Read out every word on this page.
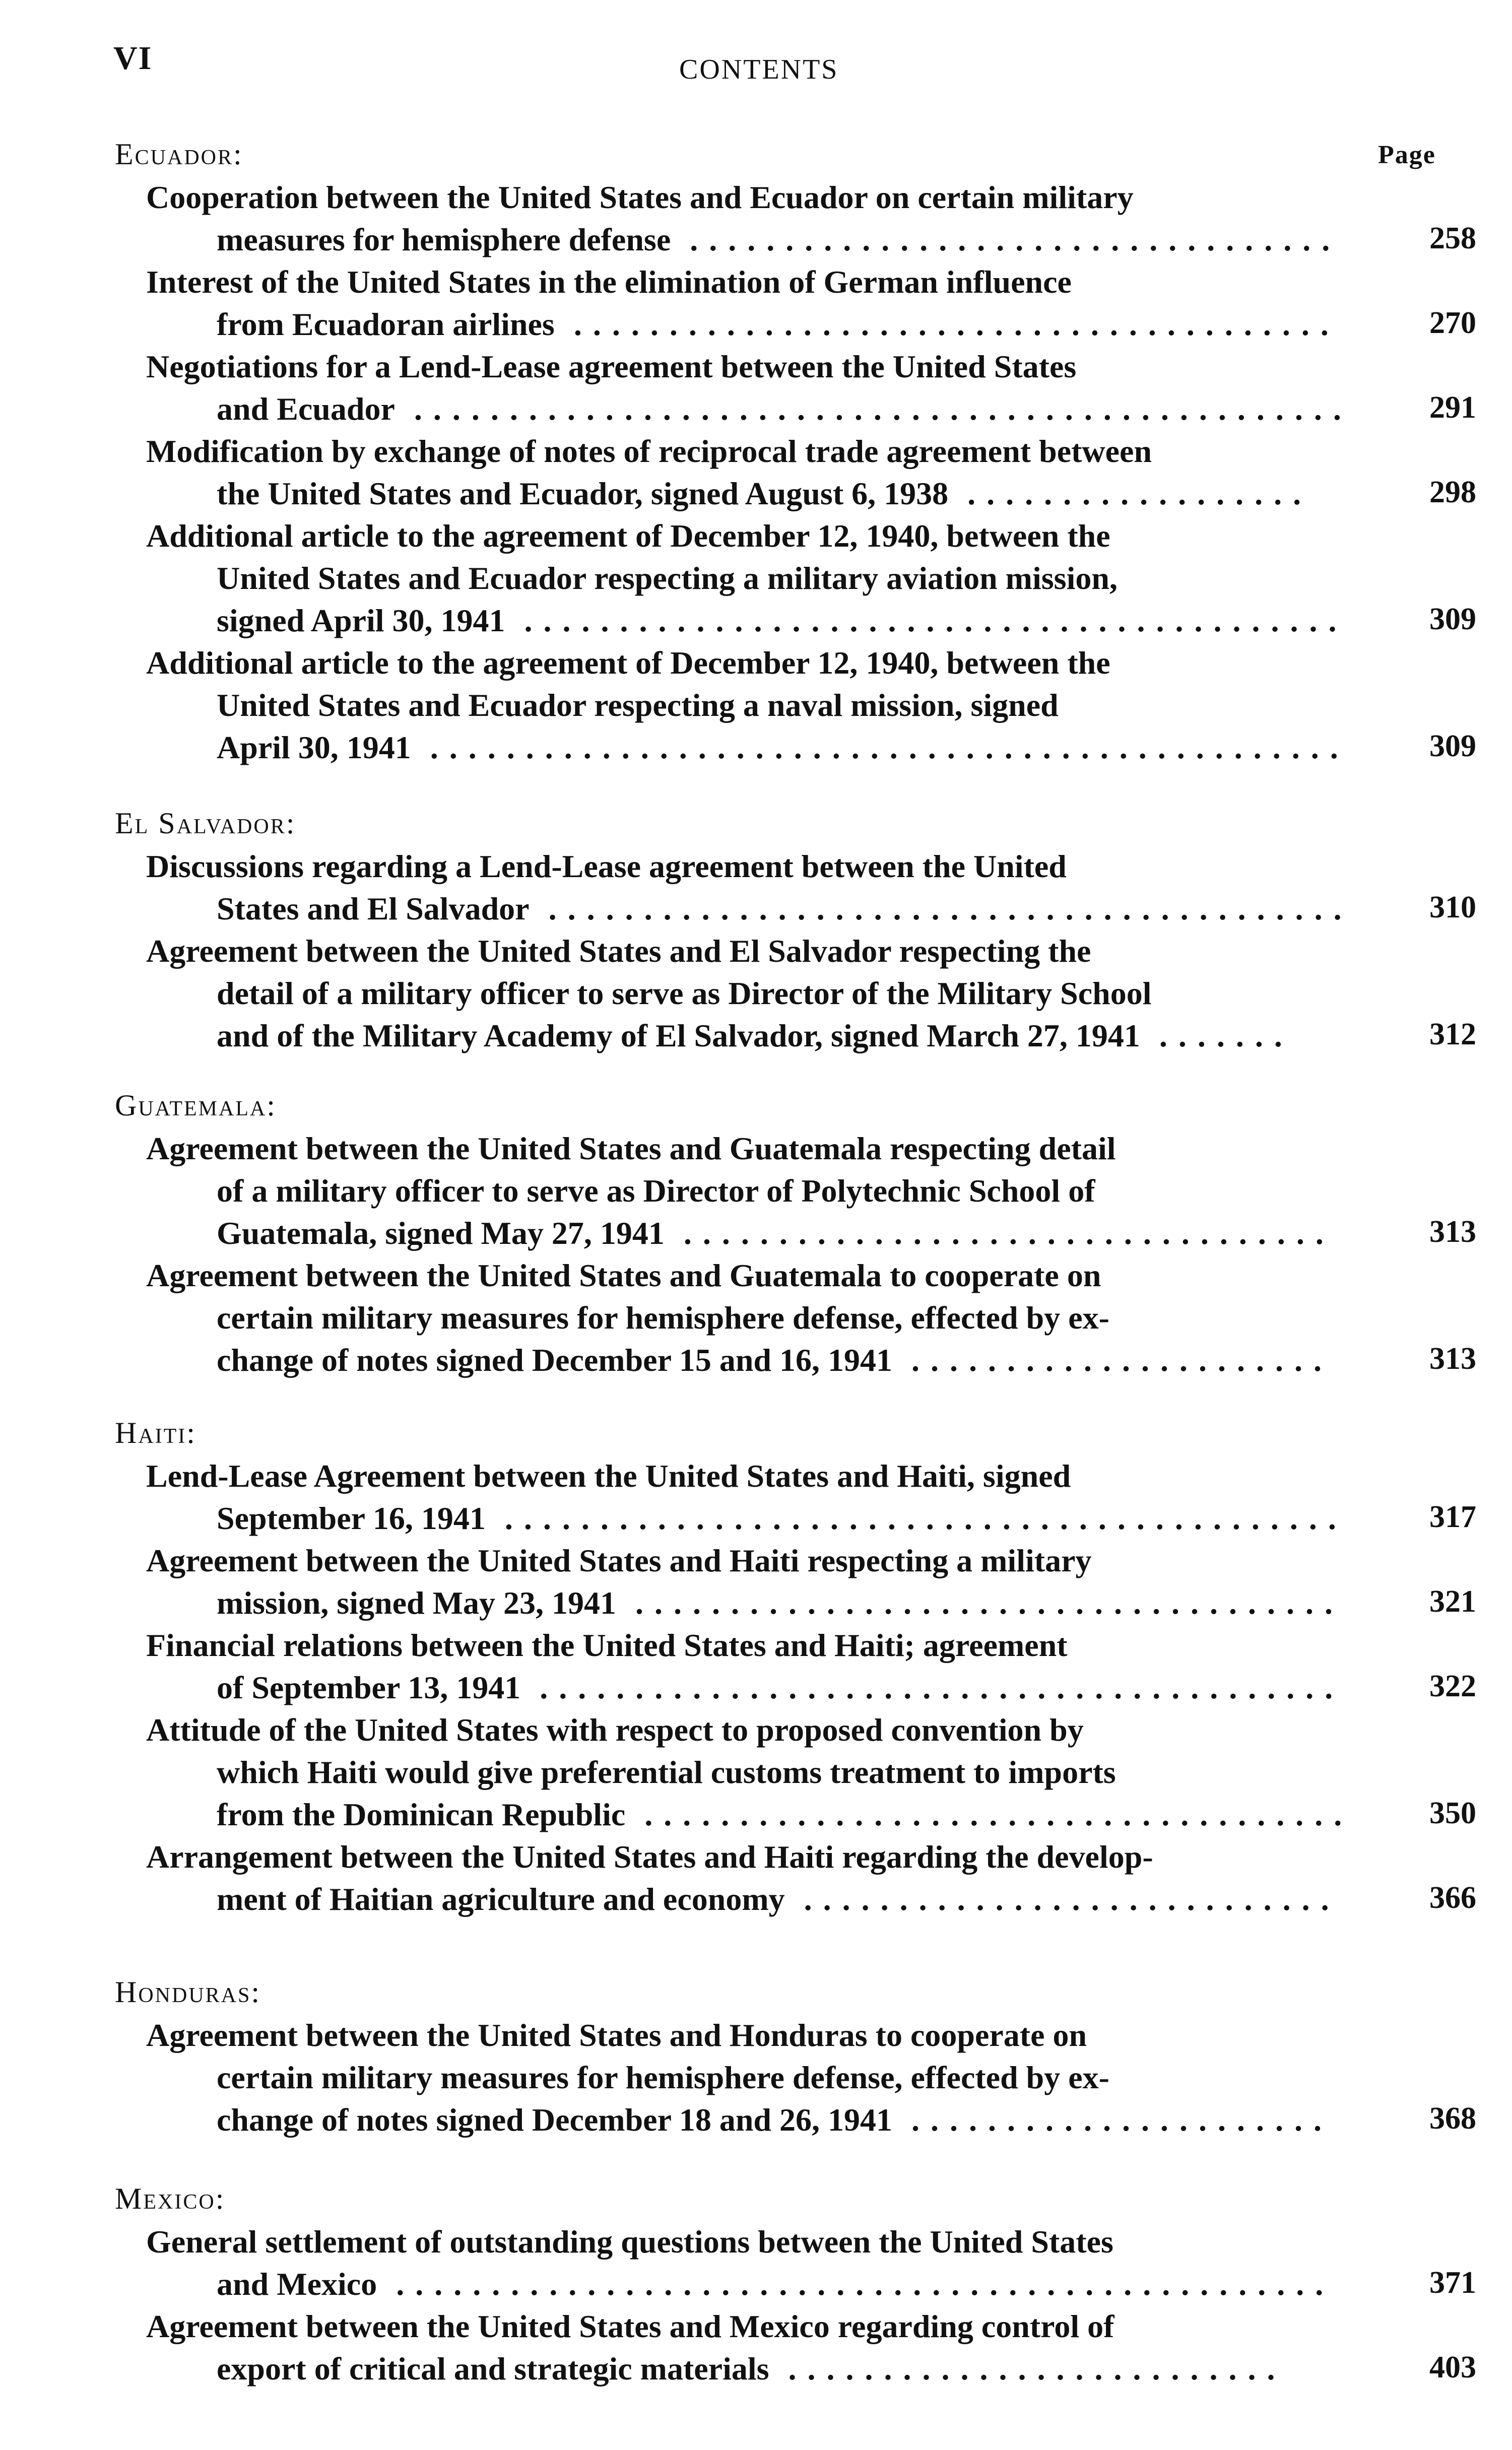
VI	CONTENTS
Ecuador:	Page
Cooperation between the United States and Ecuador on certain military
measures for hemisphere defense ..................................	258
Interest of the United States in the elimination of German influence
from Ecuadoran airlines ........................................	270
Negotiations for a Lend-Lease agreement between the United States
and Ecuador .................................................	291
Modification by exchange of notes of reciprocal trade agreement between
the United States and Ecuador, signed August 6, 1938 ..................	298
Additional article to the agreement of December 12, 1940, between the
United States and Ecuador respecting a military aviation mission,
signed April 30, 1941 ...........................................	309
Additional article to the agreement of December 12, 1940, between the
United States and Ecuador respecting a naval mission, signed
April 30, 1941 ................................................	309
El Salvador:
Discussions regarding a Lend-Lease agreement between the United
States and El Salvador ..........................................	310
Agreement between the United States and El Salvador respecting the
detail of a military officer to serve as Director of the Military School
and of the Military Academy of El Salvador, signed March 27, 1941 .......	312
Guatemala:
Agreement between the United States and Guatemala respecting detail
of a military officer to serve as Director of Polytechnic School of
Guatemala, signed May 27, 1941 ..................................	313
Agreement between the United States and Guatemala to cooperate on
certain military measures for hemisphere defense, effected by ex-
change of notes signed December 15 and 16, 1941 ......................	313
Haiti:
Lend-Lease Agreement between the United States and Haiti, signed
September 16, 1941 ............................................	317
Agreement between the United States and Haiti respecting a military
mission, signed May 23, 1941 .....................................	321
Financial relations between the United States and Haiti; agreement
of September 13, 1941 ..........................................	322
Attitude of the United States with respect to proposed convention by
which Haiti would give preferential customs treatment to imports
from the Dominican Republic .....................................	350
Arrangement between the United States and Haiti regarding the develop-
ment of Haitian agriculture and economy ............................	366
Honduras:
Agreement between the United States and Honduras to cooperate on
certain military measures for hemisphere defense, effected by ex-
change of notes signed December 18 and 26, 1941 ......................	368
Mexico:
General settlement of outstanding questions between the United States
and Mexico .................................................	371
Agreement between the United States and Mexico regarding control of
export of critical and strategic materials ..........................	403
